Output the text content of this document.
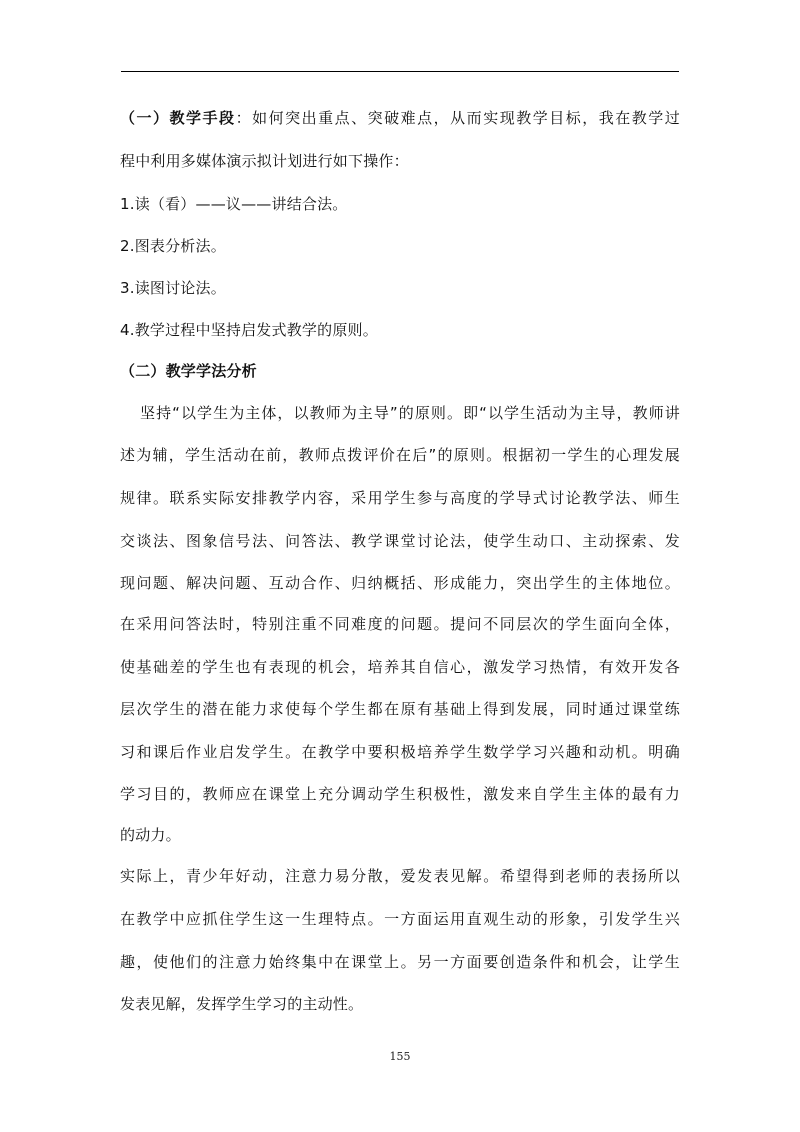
（一）教学手段：如何突出重点、突破难点，从而实现教学目标，我在教学过
程中利用多媒体演示拟计划进行如下操作：
1.读（看）——议——讲结合法。
2.图表分析法。
3.读图讨论法。
4.教学过程中坚持启发式教学的原则。
（二）教学学法分析
坚持“以学生为主体，以教师为主导”的原则。即“以学生活动为主导，教师讲
述为辅，学生活动在前，教师点拨评价在后”的原则。根据初一学生的心理发展
规律。联系实际安排教学内容，采用学生参与高度的学导式讨论教学法、师生
交谈法、图象信号法、问答法、教学课堂讨论法，使学生动口、主动探索、发
现问题、解决问题、互动合作、归纳概括、形成能力，突出学生的主体地位。
在采用问答法时，特别注重不同难度的问题。提问不同层次的学生面向全体，
使基础差的学生也有表现的机会，培养其自信心，激发学习热情，有效开发各
层次学生的潜在能力求使每个学生都在原有基础上得到发展，同时通过课堂练
习和课后作业启发学生。在教学中要积极培养学生数学学习兴趣和动机。明确
学习目的，教师应在课堂上充分调动学生积极性，激发来自学生主体的最有力
的动力。
实际上，青少年好动，注意力易分散，爱发表见解。希望得到老师的表扬所以
在教学中应抓住学生这一生理特点。一方面运用直观生动的形象，引发学生兴
趣，使他们的注意力始终集中在课堂上。另一方面要创造条件和机会，让学生
发表见解，发挥学生学习的主动性。
155
